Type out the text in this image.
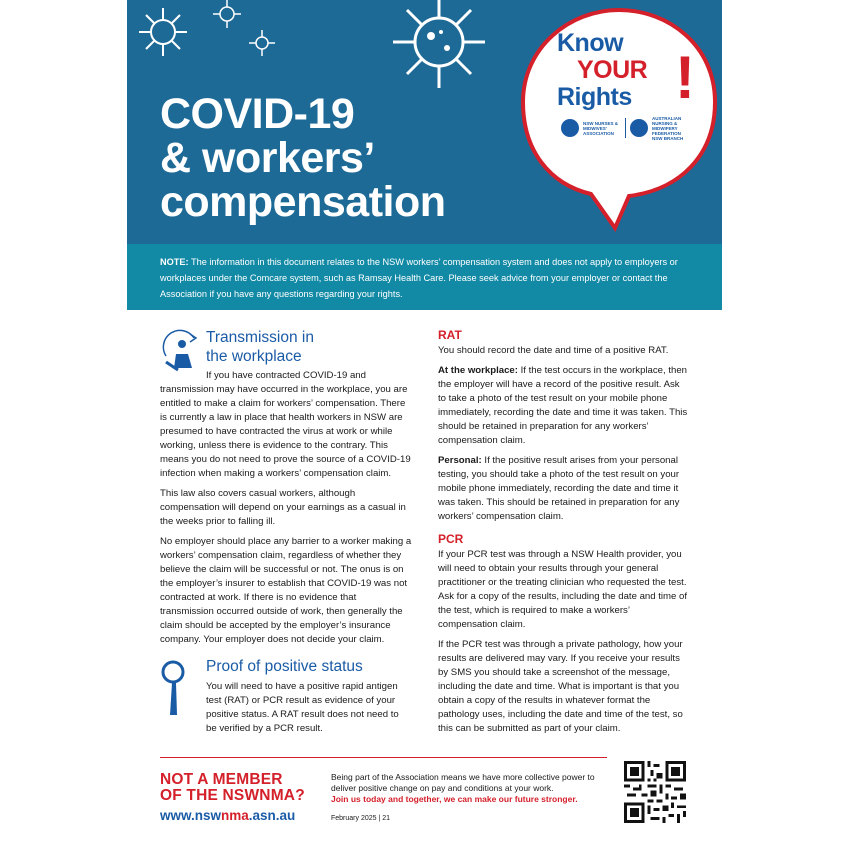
COVID-19
& workers’
compensation
Know
YOUR
Rights !
NSW NURSES & MIDWIVES' ASSOCIATION
AUSTRALIAN NURSING & MIDWIFERY FEDERATION NSW BRANCH
NOTE: The information in this document relates to the NSW workers’ compensation system and does not apply to employers or workplaces under the Comcare system, such as Ramsay Health Care. Please seek advice from your employer or contact the Association if you have any questions regarding your rights.
Transmission in the workplace

If you have contracted COVID-19 and transmission may have occurred in the workplace, you are entitled to make a claim for workers’ compensation. There is currently a law in place that health workers in NSW are presumed to have contracted the virus at work or while working, unless there is evidence to the contrary. This means you do not need to prove the source of a COVID-19 infection when making a workers’ compensation claim.

This law also covers casual workers, although compensation will depend on your earnings as a casual in the weeks prior to falling ill.

No employer should place any barrier to a worker making a workers’ compensation claim, regardless of whether they believe the claim will be successful or not. The onus is on the employer’s insurer to establish that COVID-19 was not contracted at work. If there is no evidence that transmission occurred outside of work, then generally the claim should be accepted by the employer’s insurance company. Your employer does not decide your claim.

Proof of positive status

You will need to have a positive rapid antigen test (RAT) or PCR result as evidence of your positive status. A RAT result does not need to be verified by a PCR result.

RAT

You should record the date and time of a positive RAT.

At the workplace: If the test occurs in the workplace, then the employer will have a record of the positive result. Ask to take a photo of the test result on your mobile phone immediately, recording the date and time it was taken. This should be retained in preparation for any workers’ compensation claim.

Personal: If the positive result arises from your personal testing, you should take a photo of the test result on your mobile phone immediately, recording the date and time it was taken. This should be retained in preparation for any workers’ compensation claim.

PCR

If your PCR test was through a NSW Health provider, you will need to obtain your results through your general practitioner or the treating clinician who requested the test. Ask for a copy of the results, including the date and time of the test, which is required to make a workers’ compensation claim.

If the PCR test was through a private pathology, how your results are delivered may vary. If you receive your results by SMS you should take a screenshot of the message, including the date and time. What is important is that you obtain a copy of the results in whatever format the pathology uses, including the date and time of the test, so this can be submitted as part of your claim.

NOT A MEMBER
OF THE NSWNMA?
www.nswnma.asn.au
Being part of the Association means we have more collective power to deliver positive change on pay and conditions at your work.
Join us today and together, we can make our future stronger.
February 2025 | 21
